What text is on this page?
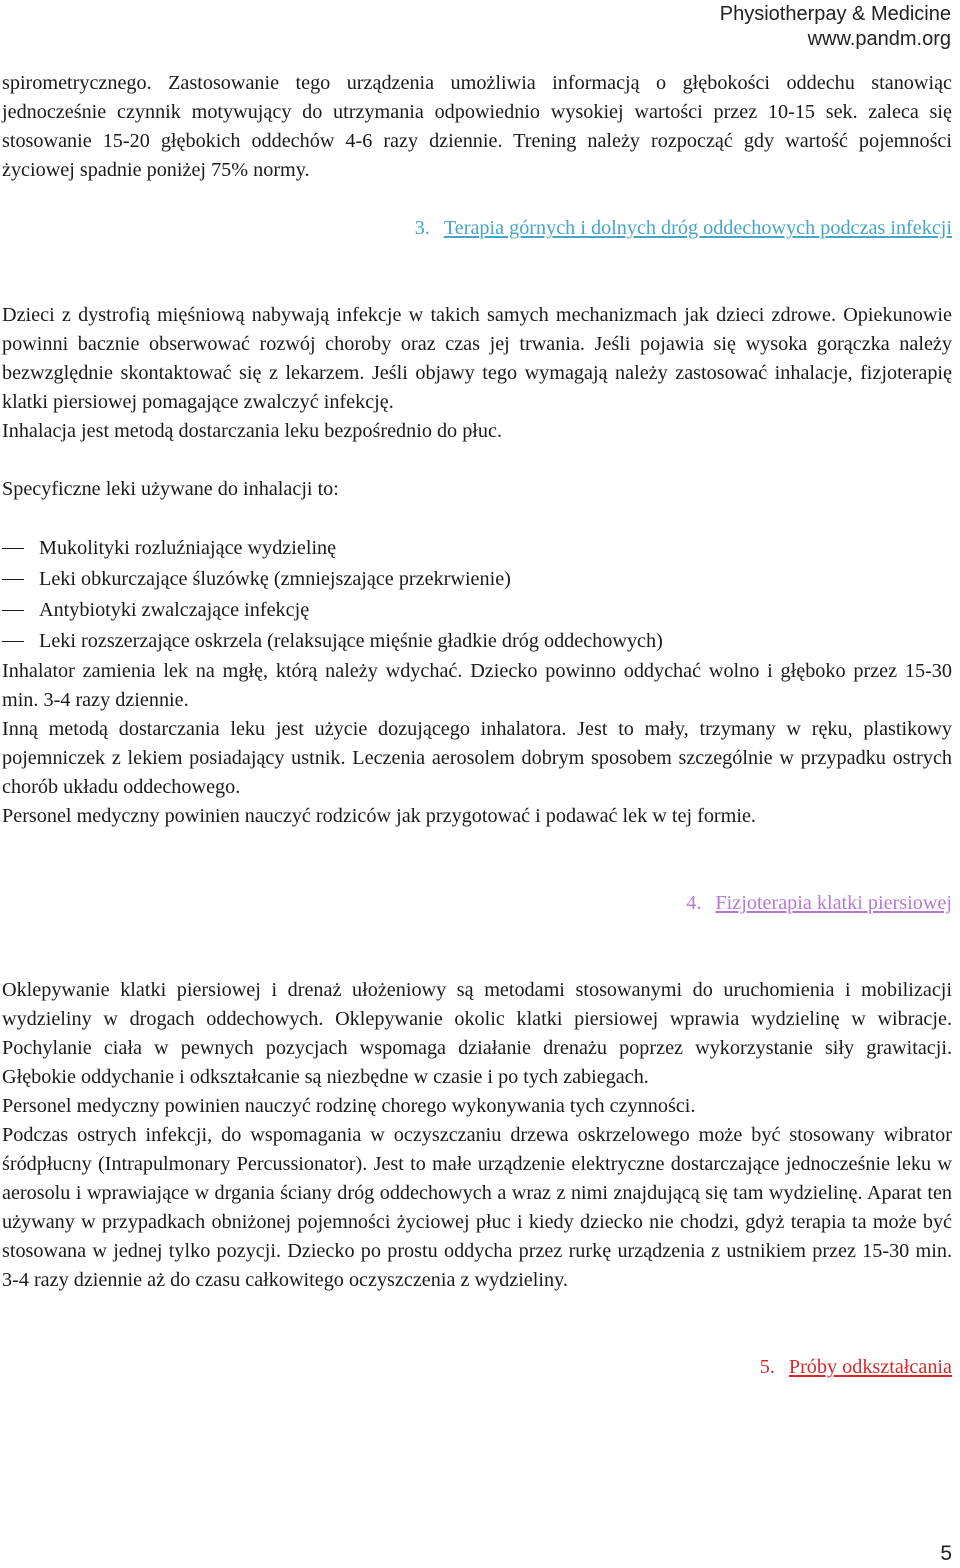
Physiotherpay & Medicine
www.pandm.org

spirometrycznego. Zastosowanie tego urządzenia umożliwia informacją o głębokości oddechu stanowiąc jednocześnie czynnik motywujący do utrzymania odpowiednio wysokiej wartości przez 10-15 sek. zaleca się stosowanie 15-20 głębokich oddechów 4-6 razy dziennie. Trening należy rozpocząć gdy wartość pojemności życiowej spadnie poniżej 75% normy.

3. Terapia górnych i dolnych dróg oddechowych podczas infekcji

Dzieci z dystrofią mięśniową nabywają infekcje w takich samych mechanizmach jak dzieci zdrowe. Opiekunowie powinni bacznie obserwować rozwój choroby oraz czas jej trwania. Jeśli pojawia się wysoka gorączka należy bezwzględnie skontaktować się z lekarzem. Jeśli objawy tego wymagają należy zastosować inhalacje, fizjoterapię klatki piersiowej pomagające zwalczyć infekcję.

Inhalacja jest metodą dostarczania leku bezpośrednio do płuc.

Specyficzne leki używane do inhalacji to:

Mukolityki rozluźniające wydzielinę
Leki obkurczające śluzówkę (zmniejszające przekrwienie)
Antybiotyki zwalczające infekcję
Leki rozszerzające oskrzela (relaksujące mięśnie gładkie dróg oddechowych)

Inhalator zamienia lek na mgłę, którą należy wdychać. Dziecko powinno oddychać wolno i głęboko przez 15-30 min. 3-4 razy dziennie.

Inną metodą dostarczania leku jest użycie dozującego inhalatora. Jest to mały, trzymany w ręku, plastikowy pojemniczek z lekiem posiadający ustnik. Leczenia aerosolem dobrym sposobem szczególnie w przypadku ostrych chorób układu oddechowego.

Personel medyczny powinien nauczyć rodziców jak przygotować i podawać lek w tej formie.

4. Fizjoterapia klatki piersiowej

Oklepywanie klatki piersiowej i drenaż ułożeniowy są metodami stosowanymi do uruchomienia i mobilizacji wydzieliny w drogach oddechowych. Oklepywanie okolic klatki piersiowej wprawia wydzielinę w wibracje. Pochylanie ciała w pewnych pozycjach wspomaga działanie drenażu poprzez wykorzystanie siły grawitacji. Głębokie oddychanie i odkształcanie są niezbędne w czasie i po tych zabiegach.

Personel medyczny powinien nauczyć rodzinę chorego wykonywania tych czynności.

Podczas ostrych infekcji, do wspomagania w oczyszczaniu drzewa oskrzelowego może być stosowany wibrator śródpłucny (Intrapulmonary Percussionator). Jest to małe urządzenie elektryczne dostarczające jednocześnie leku w aerosolu i wprawiające w drgania ściany dróg oddechowych a wraz z nimi znajdującą się tam wydzielinę. Aparat ten używany w przypadkach obniżonej pojemności życiowej płuc i kiedy dziecko nie chodzi, gdyż terapia ta może być stosowana w jednej tylko pozycji. Dziecko po prostu oddycha przez rurkę urządzenia z ustnikiem przez 15-30 min. 3-4 razy dziennie aż do czasu całkowitego oczyszczenia z wydzieliny.

5. Próby odkształcania

5
